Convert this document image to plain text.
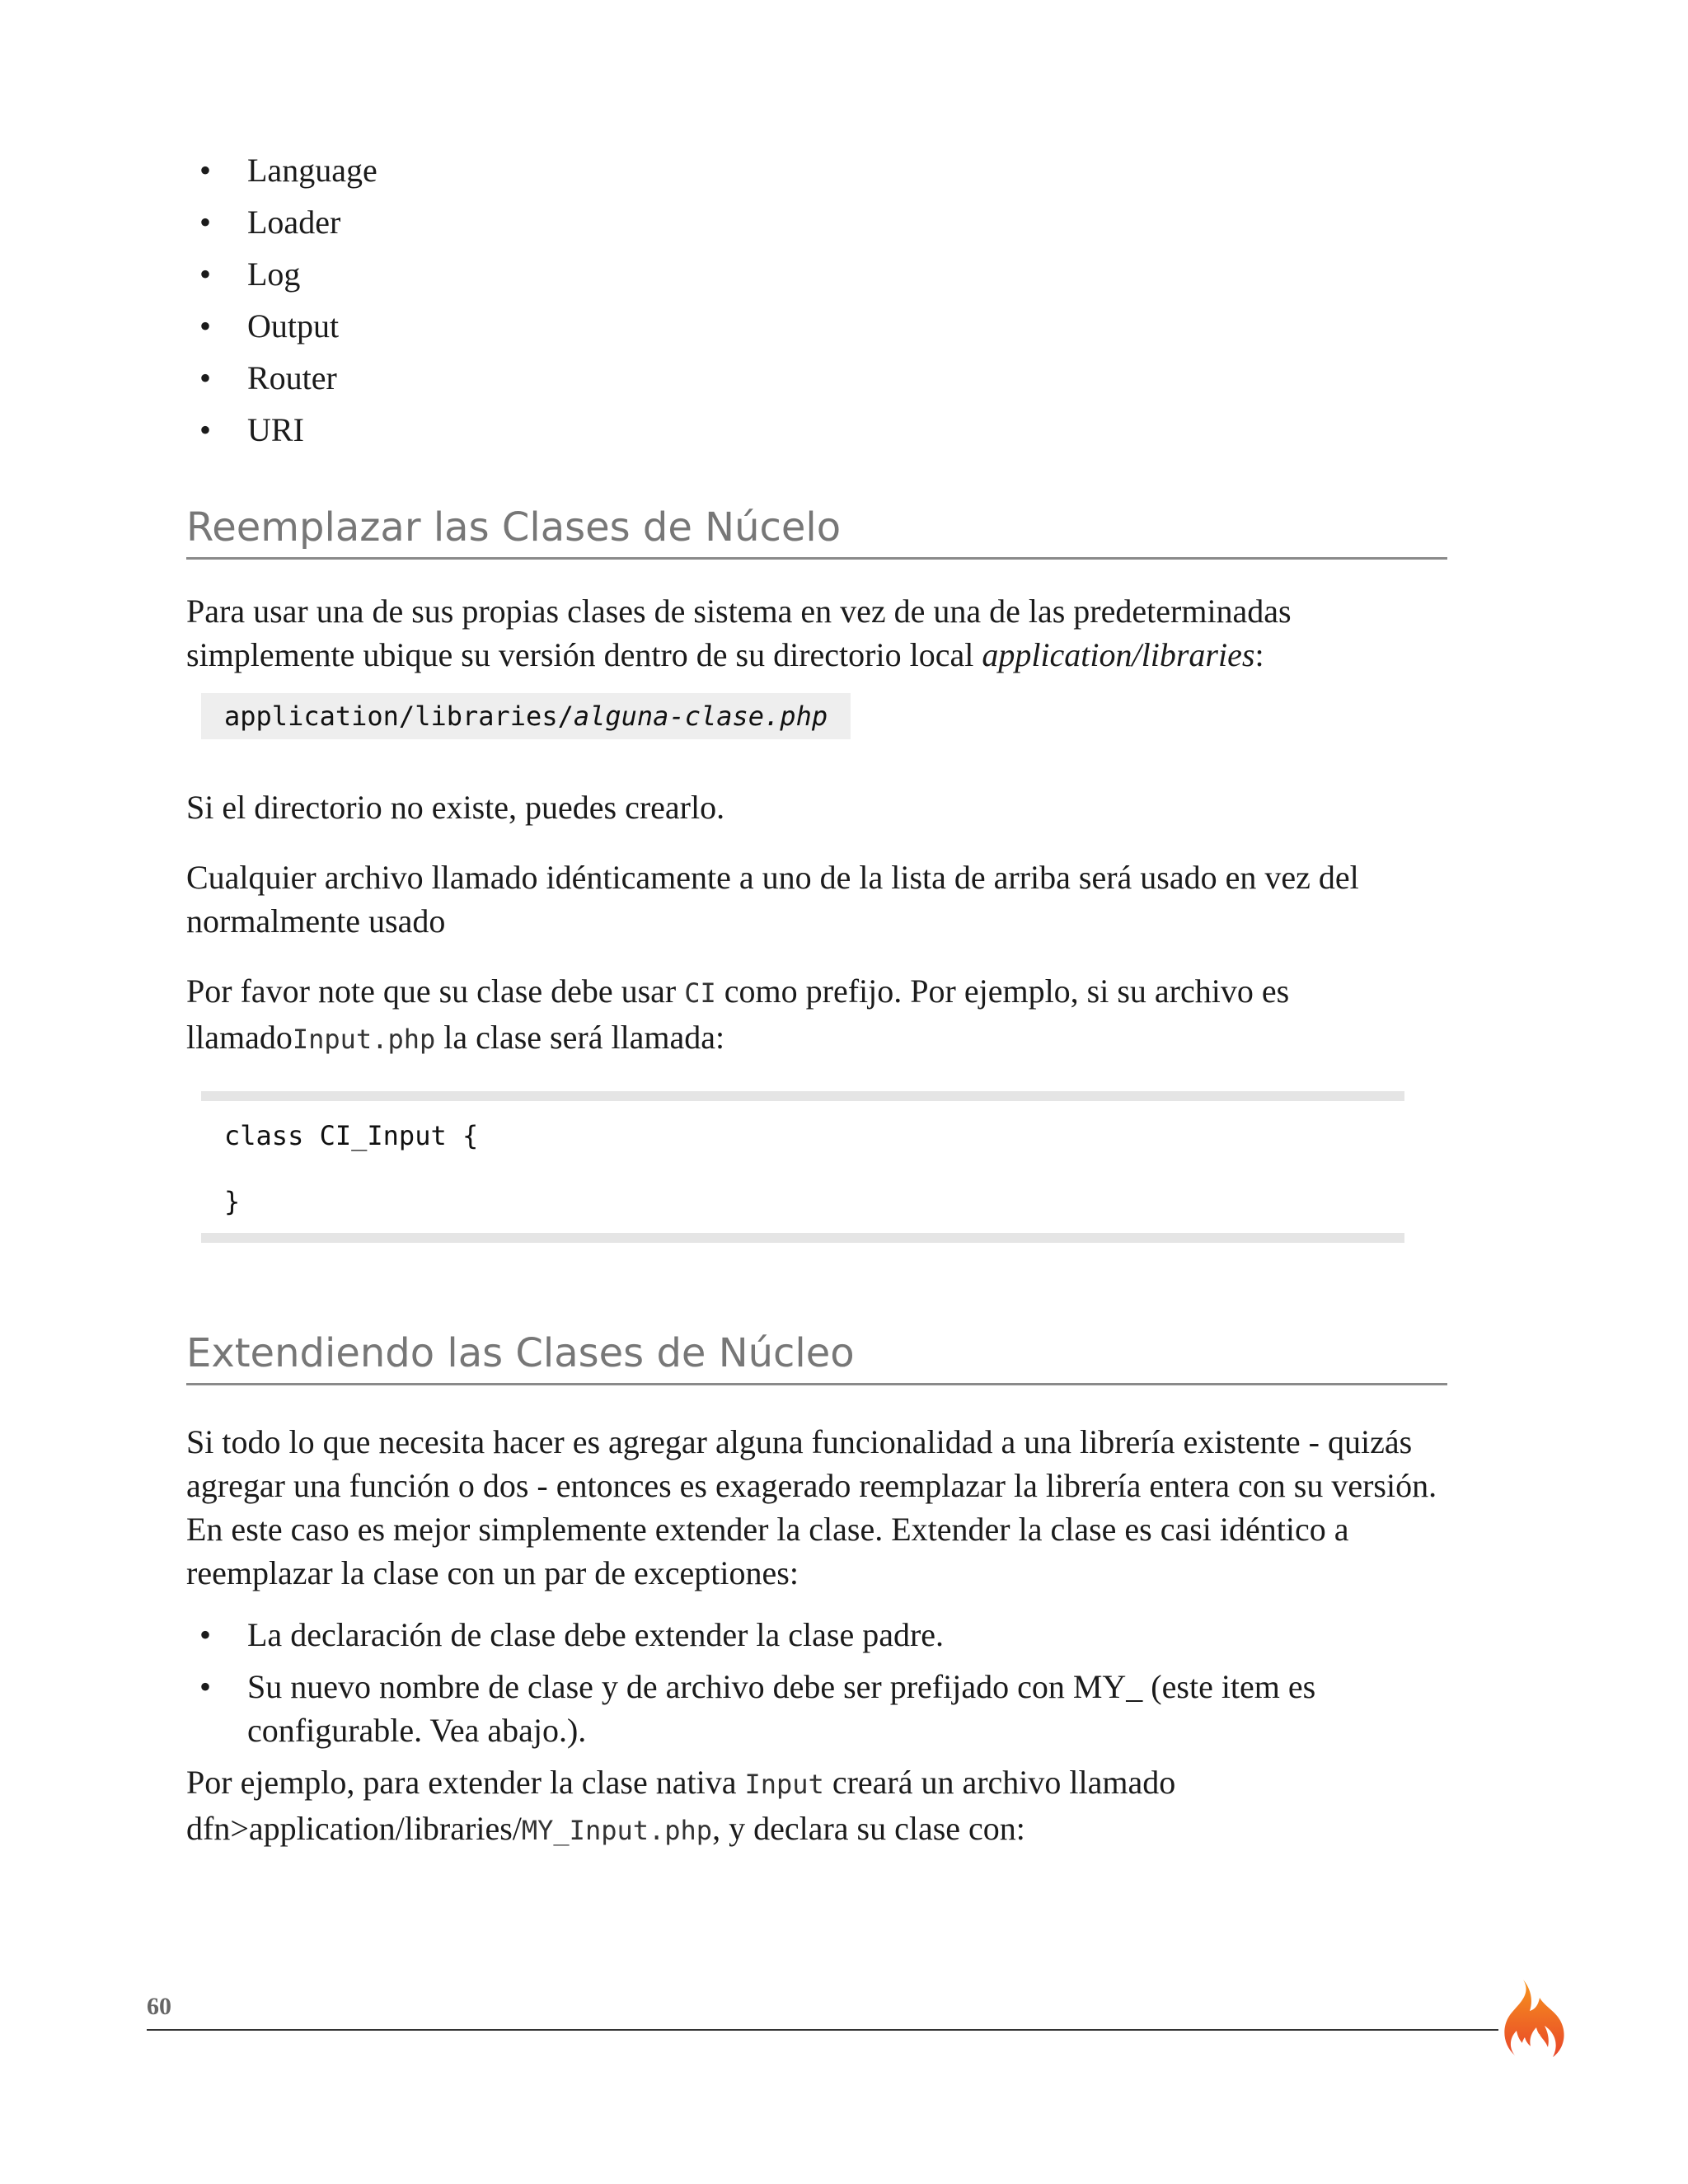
• Language
• Loader
• Log
• Output
• Router
• URI
Reemplazar las Clases de Núcelo

Para usar una de sus propias clases de sistema en vez de una de las predeterminadas simplemente ubique su versión dentro de su directorio local application/libraries:

application/libraries/alguna-clase.php

Si el directorio no existe, puedes crearlo.

Cualquier archivo llamado idénticamente a uno de la lista de arriba será usado en vez del normalmente usado

Por favor note que su clase debe usar CI como prefijo. Por ejemplo, si su archivo es llamadoInput.php la clase será llamada:

class CI_Input {

}
Extendiendo las Clases de Núcleo

Si todo lo que necesita hacer es agregar alguna funcionalidad a una librería existente - quizás agregar una función o dos - entonces es exagerado reemplazar la librería entera con su versión. En este caso es mejor simplemente extender la clase. Extender la clase es casi idéntico a reemplazar la clase con un par de exceptiones:

• La declaración de clase debe extender la clase padre.
• Su nuevo nombre de clase y de archivo debe ser prefijado con MY_ (este item es configurable. Vea abajo.).

Por ejemplo, para extender la clase nativa Input creará un archivo llamado dfn>application/libraries/MY_Input.php, y declara su clase con:

60
